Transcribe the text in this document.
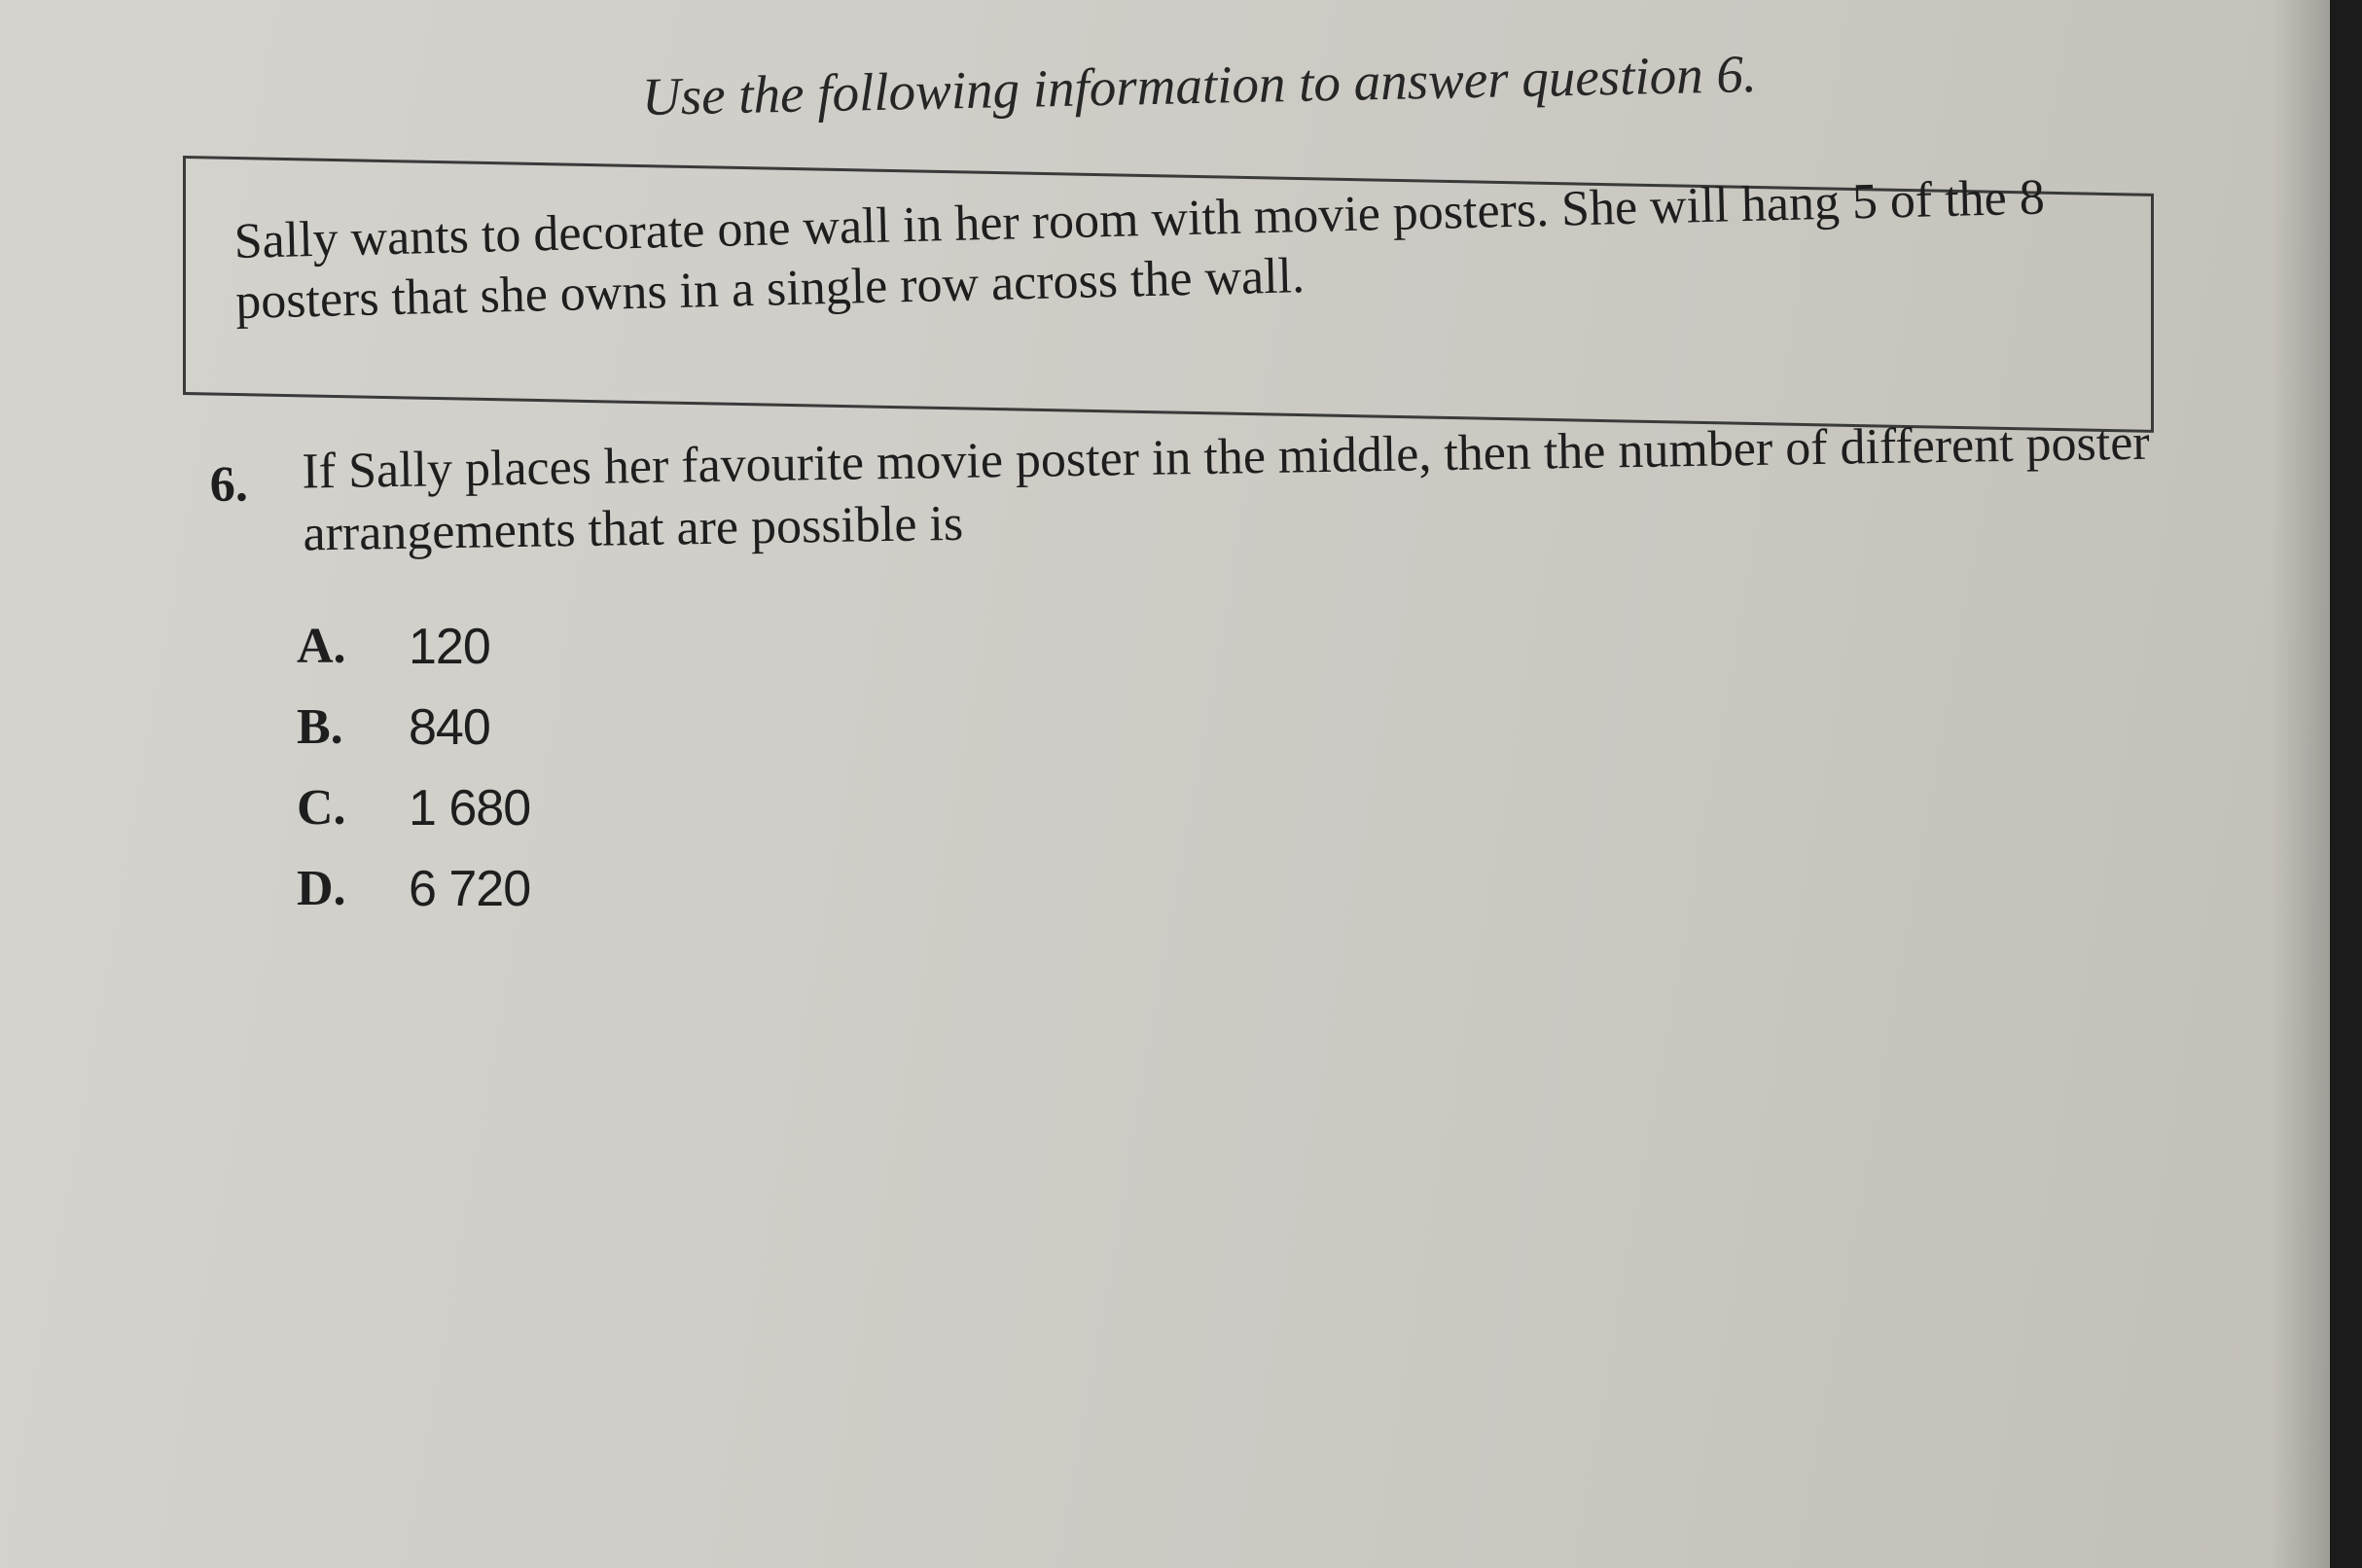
Use the following information to answer question 6.
Sally wants to decorate one wall in her room with movie posters. She will hang 5 of the 8 posters that she owns in a single row across the wall.
6. If Sally places her favourite movie poster in the middle, then the number of different poster arrangements that are possible is
A. 120
B. 840
C. 1 680
D. 6 720
